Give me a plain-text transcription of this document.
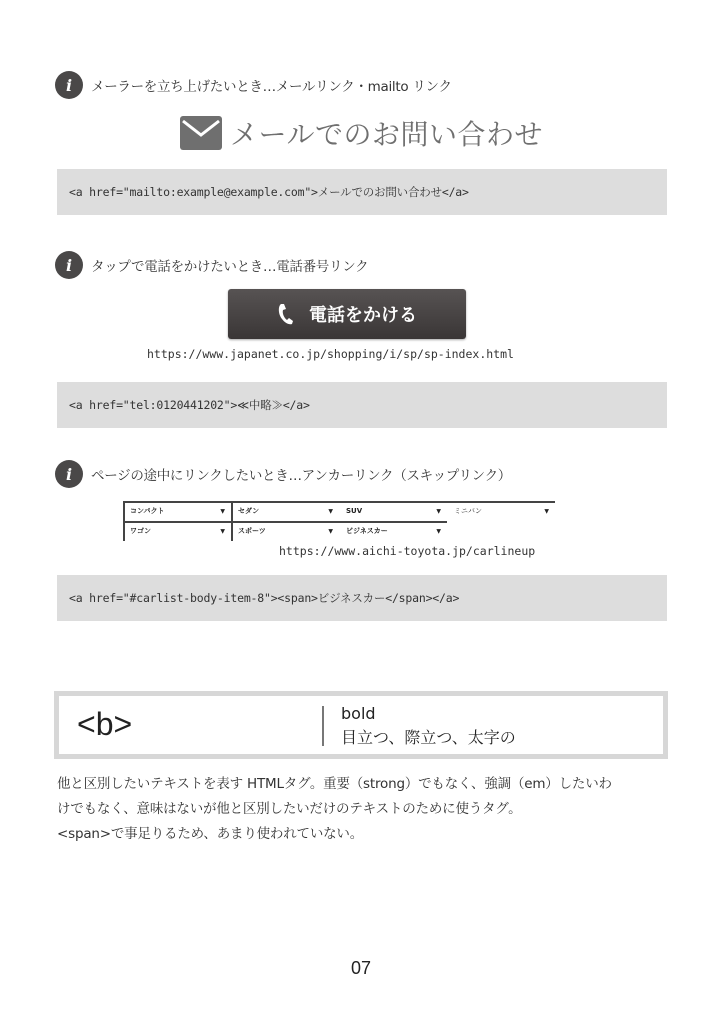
i	メーラーを立ち上げたいとき…メールリンク・mailto リンク
メールでのお問い合わせ
<a href="mailto:example@example.com">メールでのお問い合わせ</a>
i	タップで電話をかけたいとき…電話番号リンク
電話をかける
https://www.japanet.co.jp/shopping/i/sp/sp-index.html
<a href="tel:0120441202">≪中略≫</a>
i	ページの途中にリンクしたいとき…アンカーリンク（スキップリンク）
コンパクト	▼ セダン	▼ SUV	▼ ミニバン	▼
ワゴン	▼ スポーツ	▼ ビジネスカー	▼
https://www.aichi-toyota.jp/carlineup
<a href="#carlist-body-item-8"><span>ビジネスカー</span></a>
<b>	bold
目立つ、際立つ、太字の
他と区別したいテキストを表す HTMLタグ。重要（strong）でもなく、強調（em）したいわ
けでもなく、意味はないが他と区別したいだけのテキストのために使うタグ。
<span>で事足りるため、あまり使われていない。
07
